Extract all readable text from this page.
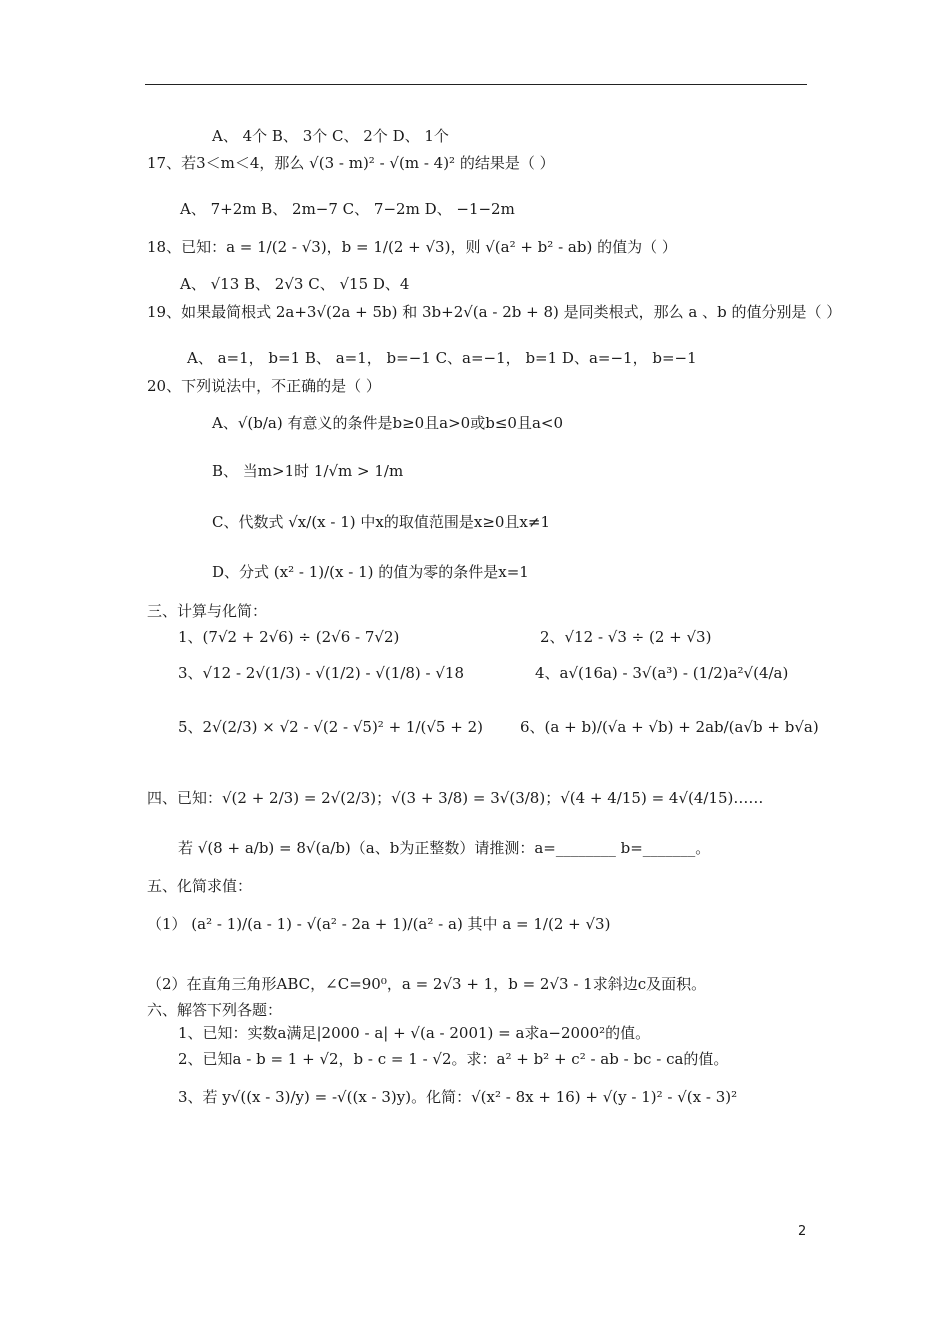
A、 4个 B、 3个 C、 2个 D、 1个
17、若3＜m＜4，那么 √(3 - m)² - √(m - 4)² 的结果是（ ）
A、 7+2m B、 2m−7 C、 7−2m D、 −1−2m
18、已知：a = 1/(2 - √3)，b = 1/(2 + √3)，则 √(a² + b² - ab) 的值为（ ）
A、 √13 B、 2√3 C、 √15 D、4
19、如果最简根式 2a+3√(2a + 5b) 和 3b+2√(a - 2b + 8) 是同类根式，那么 a 、b 的值分别是（ ）
A、 a=1， b=1 B、 a=1， b=−1 C、a=−1， b=1 D、a=−1， b=−1
20、下列说法中，不正确的是（ ）
A、√(b/a) 有意义的条件是b≥0且a>0或b≤0且a<0
B、 当m>1时 1/√m > 1/m
C、代数式 √x/(x - 1) 中x的取值范围是x≥0且x≠1
D、分式 (x² - 1)/(x - 1) 的值为零的条件是x=1
三、计算与化简：
1、(7√2 + 2√6) ÷ (2√6 - 7√2)	2、√12 - √3 ÷ (2 + √3)
3、√12 - 2√(1/3) - √(1/2) - √(1/8) - √18	4、a√(16a) - 3√(a³) - (1/2)a²√(4/a)
5、2√(2/3) × √2 - √(2 - √5)² + 1/(√5 + 2) 6、(a + b)/(√a + √b) + 2ab/(a√b + b√a)
四、已知：√(2 + 2/3) = 2√(2/3)；√(3 + 3/8) = 3√(3/8)；√(4 + 4/15) = 4√(4/15)……
若 √(8 + a/b) = 8√(a/b)（a、b为正整数）请推测：a=________ b=_______。
五、化简求值：
（1） (a² - 1)/(a - 1) - √(a² - 2a + 1)/(a² - a) 其中 a = 1/(2 + √3)
（2）在直角三角形ABC，∠C=90⁰，a = 2√3 + 1，b = 2√3 - 1求斜边c及面积。
六、解答下列各题：
1、已知：实数a满足|2000 - a| + √(a - 2001) = a求a−2000²的值。
2、已知a - b = 1 + √2，b - c = 1 - √2。求：a² + b² + c² - ab - bc - ca的值。
3、若 y√((x - 3)/y) = -√((x - 3)y)。化简：√(x² - 8x + 16) + √(y - 1)² - √(x - 3)²
2
